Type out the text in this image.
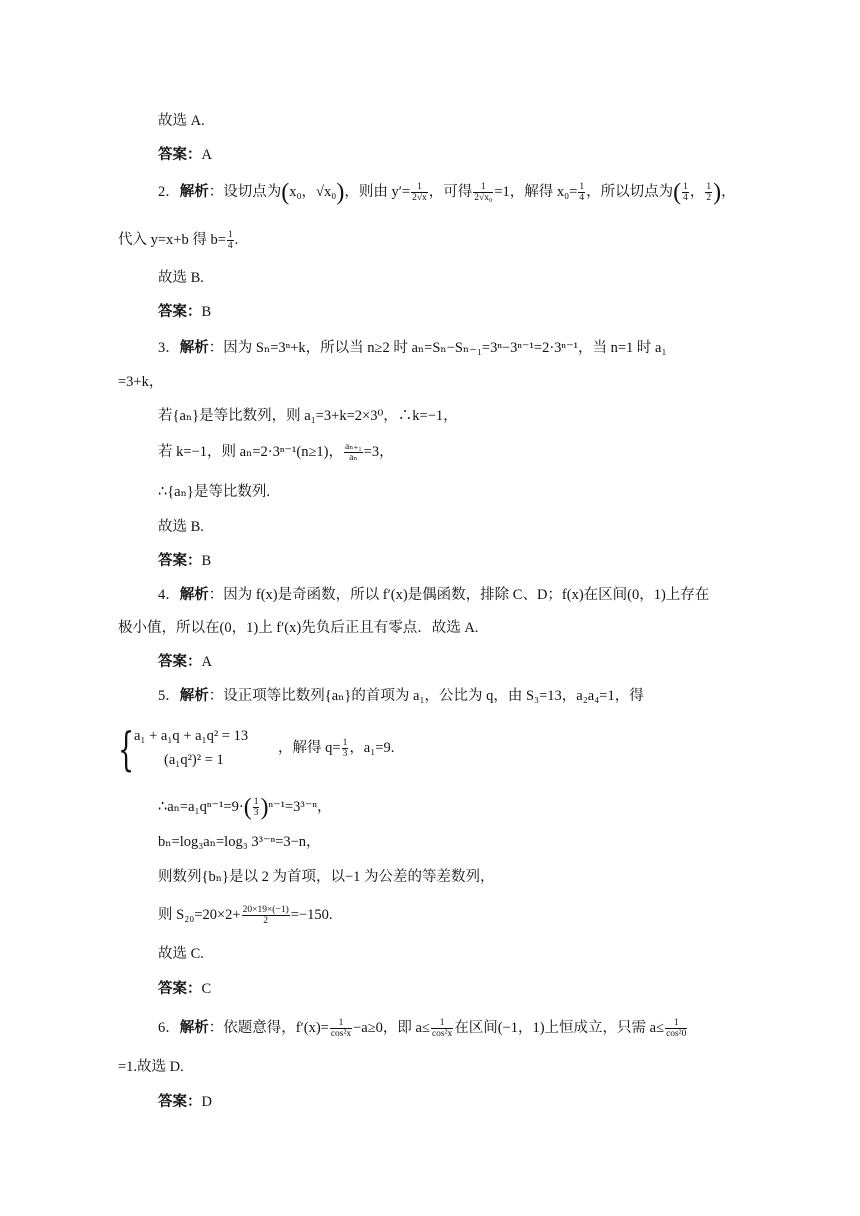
故选 A.
答案：A
2．解析：设切点为(x₀，√x₀)，则由 $y'= \frac{1}{2√x}$ ，可得 $\frac{1}{\text{2√x₀}} =1$，解得 $x_0= \frac{1}{4}$ ，所以切点为( $\frac{1}{4}$ ， $\frac{1}{2}$ )，
代入 y=x+b 得 $b= \frac{1}{4}$ .
故选 B.
答案：B
3．解析：因为 Sₙ=3ⁿ+k，所以当 n≥2 时 aₙ=Sₙ−Sₙ₋₁=3ⁿ−3ⁿ⁻¹=2·3ⁿ⁻¹，当 n=1 时 a₁
=3+k，
若{aₙ}是等比数列，则 a₁=3+k=2×3⁰，∴k=−1，
若 k=−1，则 aₙ=2·3ⁿ⁻¹(n≥1)， $\frac{\text{aₙ₊₁}}{\text{aₙ}} =3$，
∴{aₙ}是等比数列.
故选 B.
答案：B
4．解析：因为 f(x)是奇函数，所以 f′(x)是偶函数，排除 C、D；f(x)在区间(0，1)上存在
极小值，所以在(0，1)上 f′(x)先负后正且有零点．故选 A.
答案：A
5．解析：设正项等比数列{aₙ}的首项为 a₁，公比为 q，由 S₃=13，a₂a₄=1，得
{ a₁ + a₁q + a₁q² = 13
(a₁q²)² = 1
，解得 $q= \frac{1}{3}$ ，a₁=9.
∴aₙ=a₁qⁿ⁻¹=9·( $\frac{1}{3} )^{n-1}=3^{3-n}$，
bₙ=log₃aₙ=log₃ 3³⁻ⁿ=3−n，
则数列{bₙ}是以 2 为首项，以−1 为公差的等差数列，
则 $S_{20}=20\times 2+ \frac{20\times 19\times(-1)}{2} =-150$.
故选 C.
答案：C
6．解析：依题意得，$f'(x)= \frac{1}{\text{cos²x}} -a\ge 0$，即 $a\le \frac{1}{\text{cos²x}}$ 在区间(−1，1)上恒成立，只需 $a\le \frac{1}{\text{cos²0}}$
=1.故选 D.
答案：D
